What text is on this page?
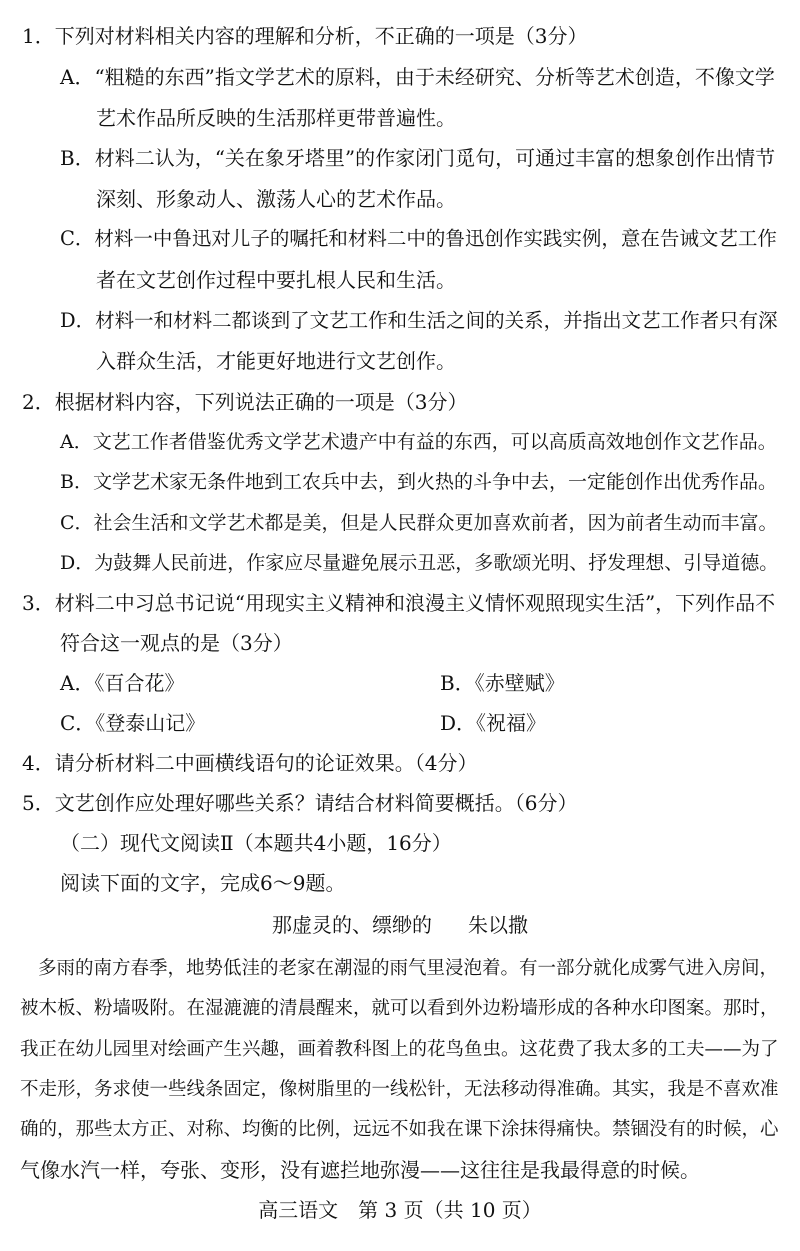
1．下列对材料相关内容的理解和分析，不正确的一项是（3分）
A．“粗糙的东西”指文学艺术的原料，由于未经研究、分析等艺术创造，不像文学
艺术作品所反映的生活那样更带普遍性。
B．材料二认为，“关在象牙塔里”的作家闭门觅句，可通过丰富的想象创作出情节
深刻、形象动人、激荡人心的艺术作品。
C．材料一中鲁迅对儿子的嘱托和材料二中的鲁迅创作实践实例，意在告诫文艺工作
者在文艺创作过程中要扎根人民和生活。
D．材料一和材料二都谈到了文艺工作和生活之间的关系，并指出文艺工作者只有深
入群众生活，才能更好地进行文艺创作。
2．根据材料内容，下列说法正确的一项是（3分）
A．文艺工作者借鉴优秀文学艺术遗产中有益的东西，可以高质高效地创作文艺作品。
B．文学艺术家无条件地到工农兵中去，到火热的斗争中去，一定能创作出优秀作品。
C．社会生活和文学艺术都是美，但是人民群众更加喜欢前者，因为前者生动而丰富。
D．为鼓舞人民前进，作家应尽量避免展示丑恶，多歌颂光明、抒发理想、引导道德。
3．材料二中习总书记说“用现实主义精神和浪漫主义情怀观照现实生活”，下列作品不
符合这一观点的是（3分）
A．《百合花》	B．《赤壁赋》
C．《登泰山记》	D．《祝福》
4．请分析材料二中画横线语句的论证效果。（4分）
5．文艺创作应处理好哪些关系？请结合材料简要概括。（6分）
（二）现代文阅读Ⅱ（本题共4小题，16分）
阅读下面的文字，完成6～9题。
那虚灵的、缥缈的 朱以撒
多雨的南方春季，地势低洼的老家在潮湿的雨气里浸泡着。有一部分就化成雾气进入房间，
被木板、粉墙吸附。在湿漉漉的清晨醒来，就可以看到外边粉墙形成的各种水印图案。那时，
我正在幼儿园里对绘画产生兴趣，画着教科图上的花鸟鱼虫。这花费了我太多的工夫——为了
不走形，务求使一些线条固定，像树脂里的一线松针，无法移动得准确。其实，我是不喜欢准
确的，那些太方正、对称、均衡的比例，远远不如我在课下涂抹得痛快。禁锢没有的时候，心
气像水汽一样，夸张、变形，没有遮拦地弥漫——这往往是我最得意的时候。
高三语文　第 3 页（共 10 页）
